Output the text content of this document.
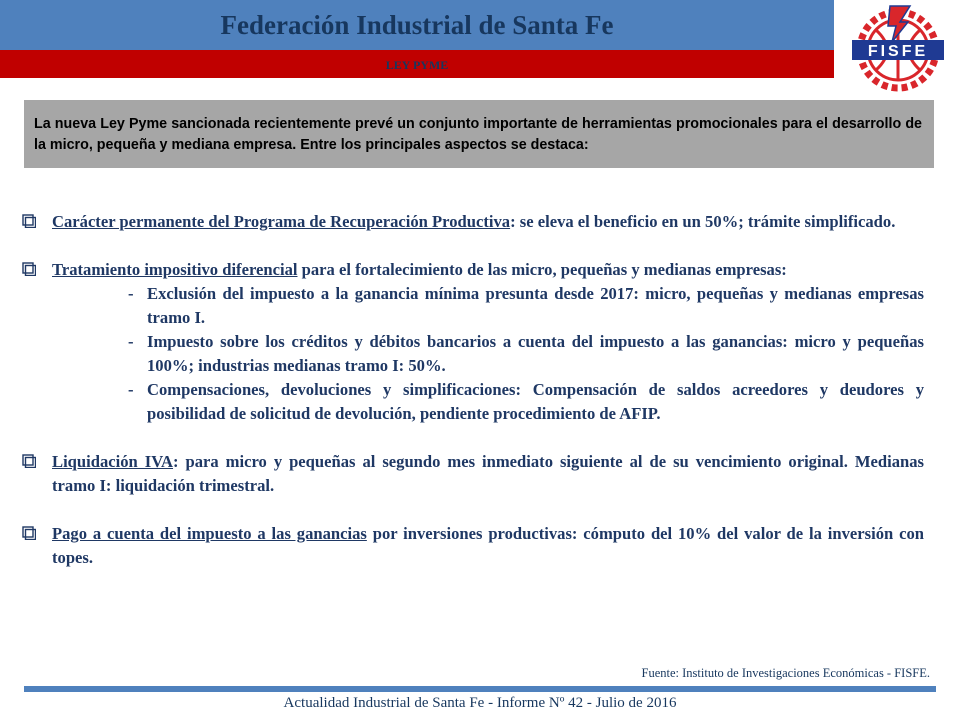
Federación Industrial de Santa Fe
LEY PYME
FISFE
La nueva Ley Pyme sancionada recientemente prevé un conjunto importante de herramientas promocionales para el desarrollo de la micro, pequeña y mediana empresa. Entre los principales aspectos se destaca:
Carácter permanente del Programa de Recuperación Productiva: se eleva el beneficio en un 50%; trámite simplificado.
Tratamiento impositivo diferencial para el fortalecimiento de las micro, pequeñas y medianas empresas:
- Exclusión del impuesto a la ganancia mínima presunta desde 2017: micro, pequeñas y medianas empresas tramo I.
- Impuesto sobre los créditos y débitos bancarios a cuenta del impuesto a las ganancias: micro y pequeñas 100%; industrias medianas tramo I: 50%.
- Compensaciones, devoluciones y simplificaciones: Compensación de saldos acreedores y deudores y posibilidad de solicitud de devolución, pendiente procedimiento de AFIP.
Liquidación IVA: para micro y pequeñas al segundo mes inmediato siguiente al de su vencimiento original. Medianas tramo I: liquidación trimestral.
Pago a cuenta del impuesto a las ganancias por inversiones productivas: cómputo del 10% del valor de la inversión con topes.
Fuente: Instituto de Investigaciones Económicas - FISFE.
Actualidad Industrial de Santa Fe - Informe Nº 42 - Julio de 2016
